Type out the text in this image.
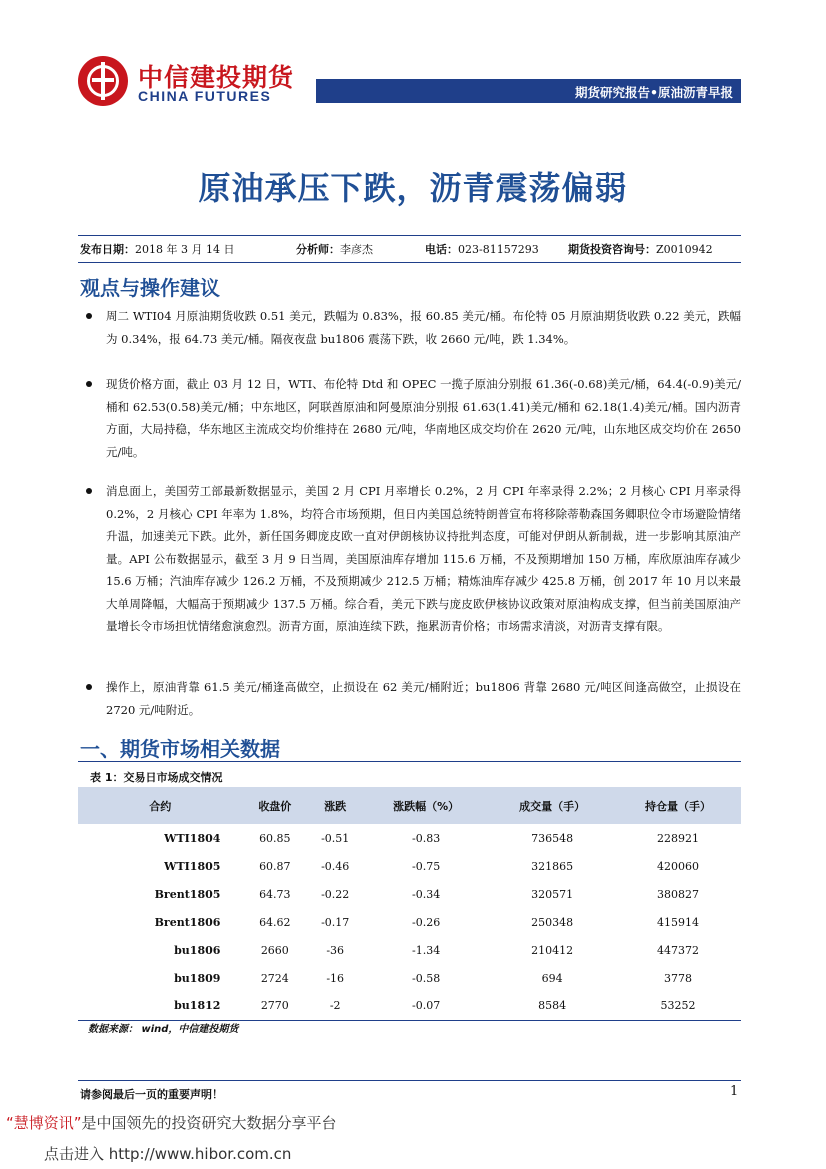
中信建投期货
CHINA FUTURES	期货研究报告•原油沥青早报
原油承压下跌，沥青震荡偏弱
发布日期：2018 年 3 月 14 日	分析师：李彦杰	电话：023-81157293	期货投资咨询号：Z0010942
观点与操作建议
周二 WTI04 月原油期货收跌 0.51 美元，跌幅为 0.83%，报 60.85 美元/桶。布伦特 05 月原油期货收跌 0.22 美元，跌幅为 0.34%，报 64.73 美元/桶。隔夜夜盘 bu1806 震荡下跌，收 2660 元/吨，跌 1.34%。
现货价格方面，截止 03 月 12 日，WTI、布伦特 Dtd 和 OPEC 一揽子原油分别报 61.36(-0.68)美元/桶，64.4(-0.9)美元/桶和 62.53(0.58)美元/桶；中东地区，阿联酋原油和阿曼原油分别报 61.63(1.41)美元/桶和 62.18(1.4)美元/桶。国内沥青方面，大局持稳，华东地区主流成交均价维持在 2680 元/吨，华南地区成交均价在 2620 元/吨，山东地区成交均价在 2650 元/吨。
消息面上，美国劳工部最新数据显示，美国 2 月 CPI 月率增长 0.2%，2 月 CPI 年率录得 2.2%；2 月核心 CPI 月率录得 0.2%，2 月核心 CPI 年率为 1.8%，均符合市场预期，但日内美国总统特朗普宣布将移除蒂勒森国务卿职位令市场避险情绪升温，加速美元下跌。此外，新任国务卿庞皮欧一直对伊朗核协议持批判态度，可能对伊朗从新制裁，进一步影响其原油产量。API 公布数据显示，截至 3 月 9 日当周，美国原油库存增加 115.6 万桶，不及预期增加 150 万桶，库欣原油库存减少 15.6 万桶；汽油库存减少 126.2 万桶，不及预期减少 212.5 万桶；精炼油库存减少 425.8 万桶，创 2017 年 10 月以来最大单周降幅，大幅高于预期减少 137.5 万桶。综合看，美元下跌与庞皮欧伊核协议政策对原油构成支撑，但当前美国原油产量增长令市场担忧情绪愈演愈烈。沥青方面，原油连续下跌，拖累沥青价格；市场需求清淡，对沥青支撑有限。
操作上，原油背靠 61.5 美元/桶逢高做空，止损设在 62 美元/桶附近；bu1806 背靠 2680 元/吨区间逢高做空，止损设在 2720 元/吨附近。
一、期货市场相关数据
表 1：交易日市场成交情况
合约	收盘价	涨跌	涨跌幅（%）	成交量（手）	持仓量（手）
WTI1804	60.85	-0.51	-0.83	736548	228921
WTI1805	60.87	-0.46	-0.75	321865	420060
Brent1805	64.73	-0.22	-0.34	320571	380827
Brent1806	64.62	-0.17	-0.26	250348	415914
bu1806	2660	-36	-1.34	210412	447372
bu1809	2724	-16	-0.58	694	3778
bu1812	2770	-2	-0.07	8584	53252
数据来源： wind，中信建投期货
请参阅最后一页的重要声明！	1
“慧博资讯”是中国领先的投资研究大数据分享平台
点击进入 http://www.hibor.com.cn
